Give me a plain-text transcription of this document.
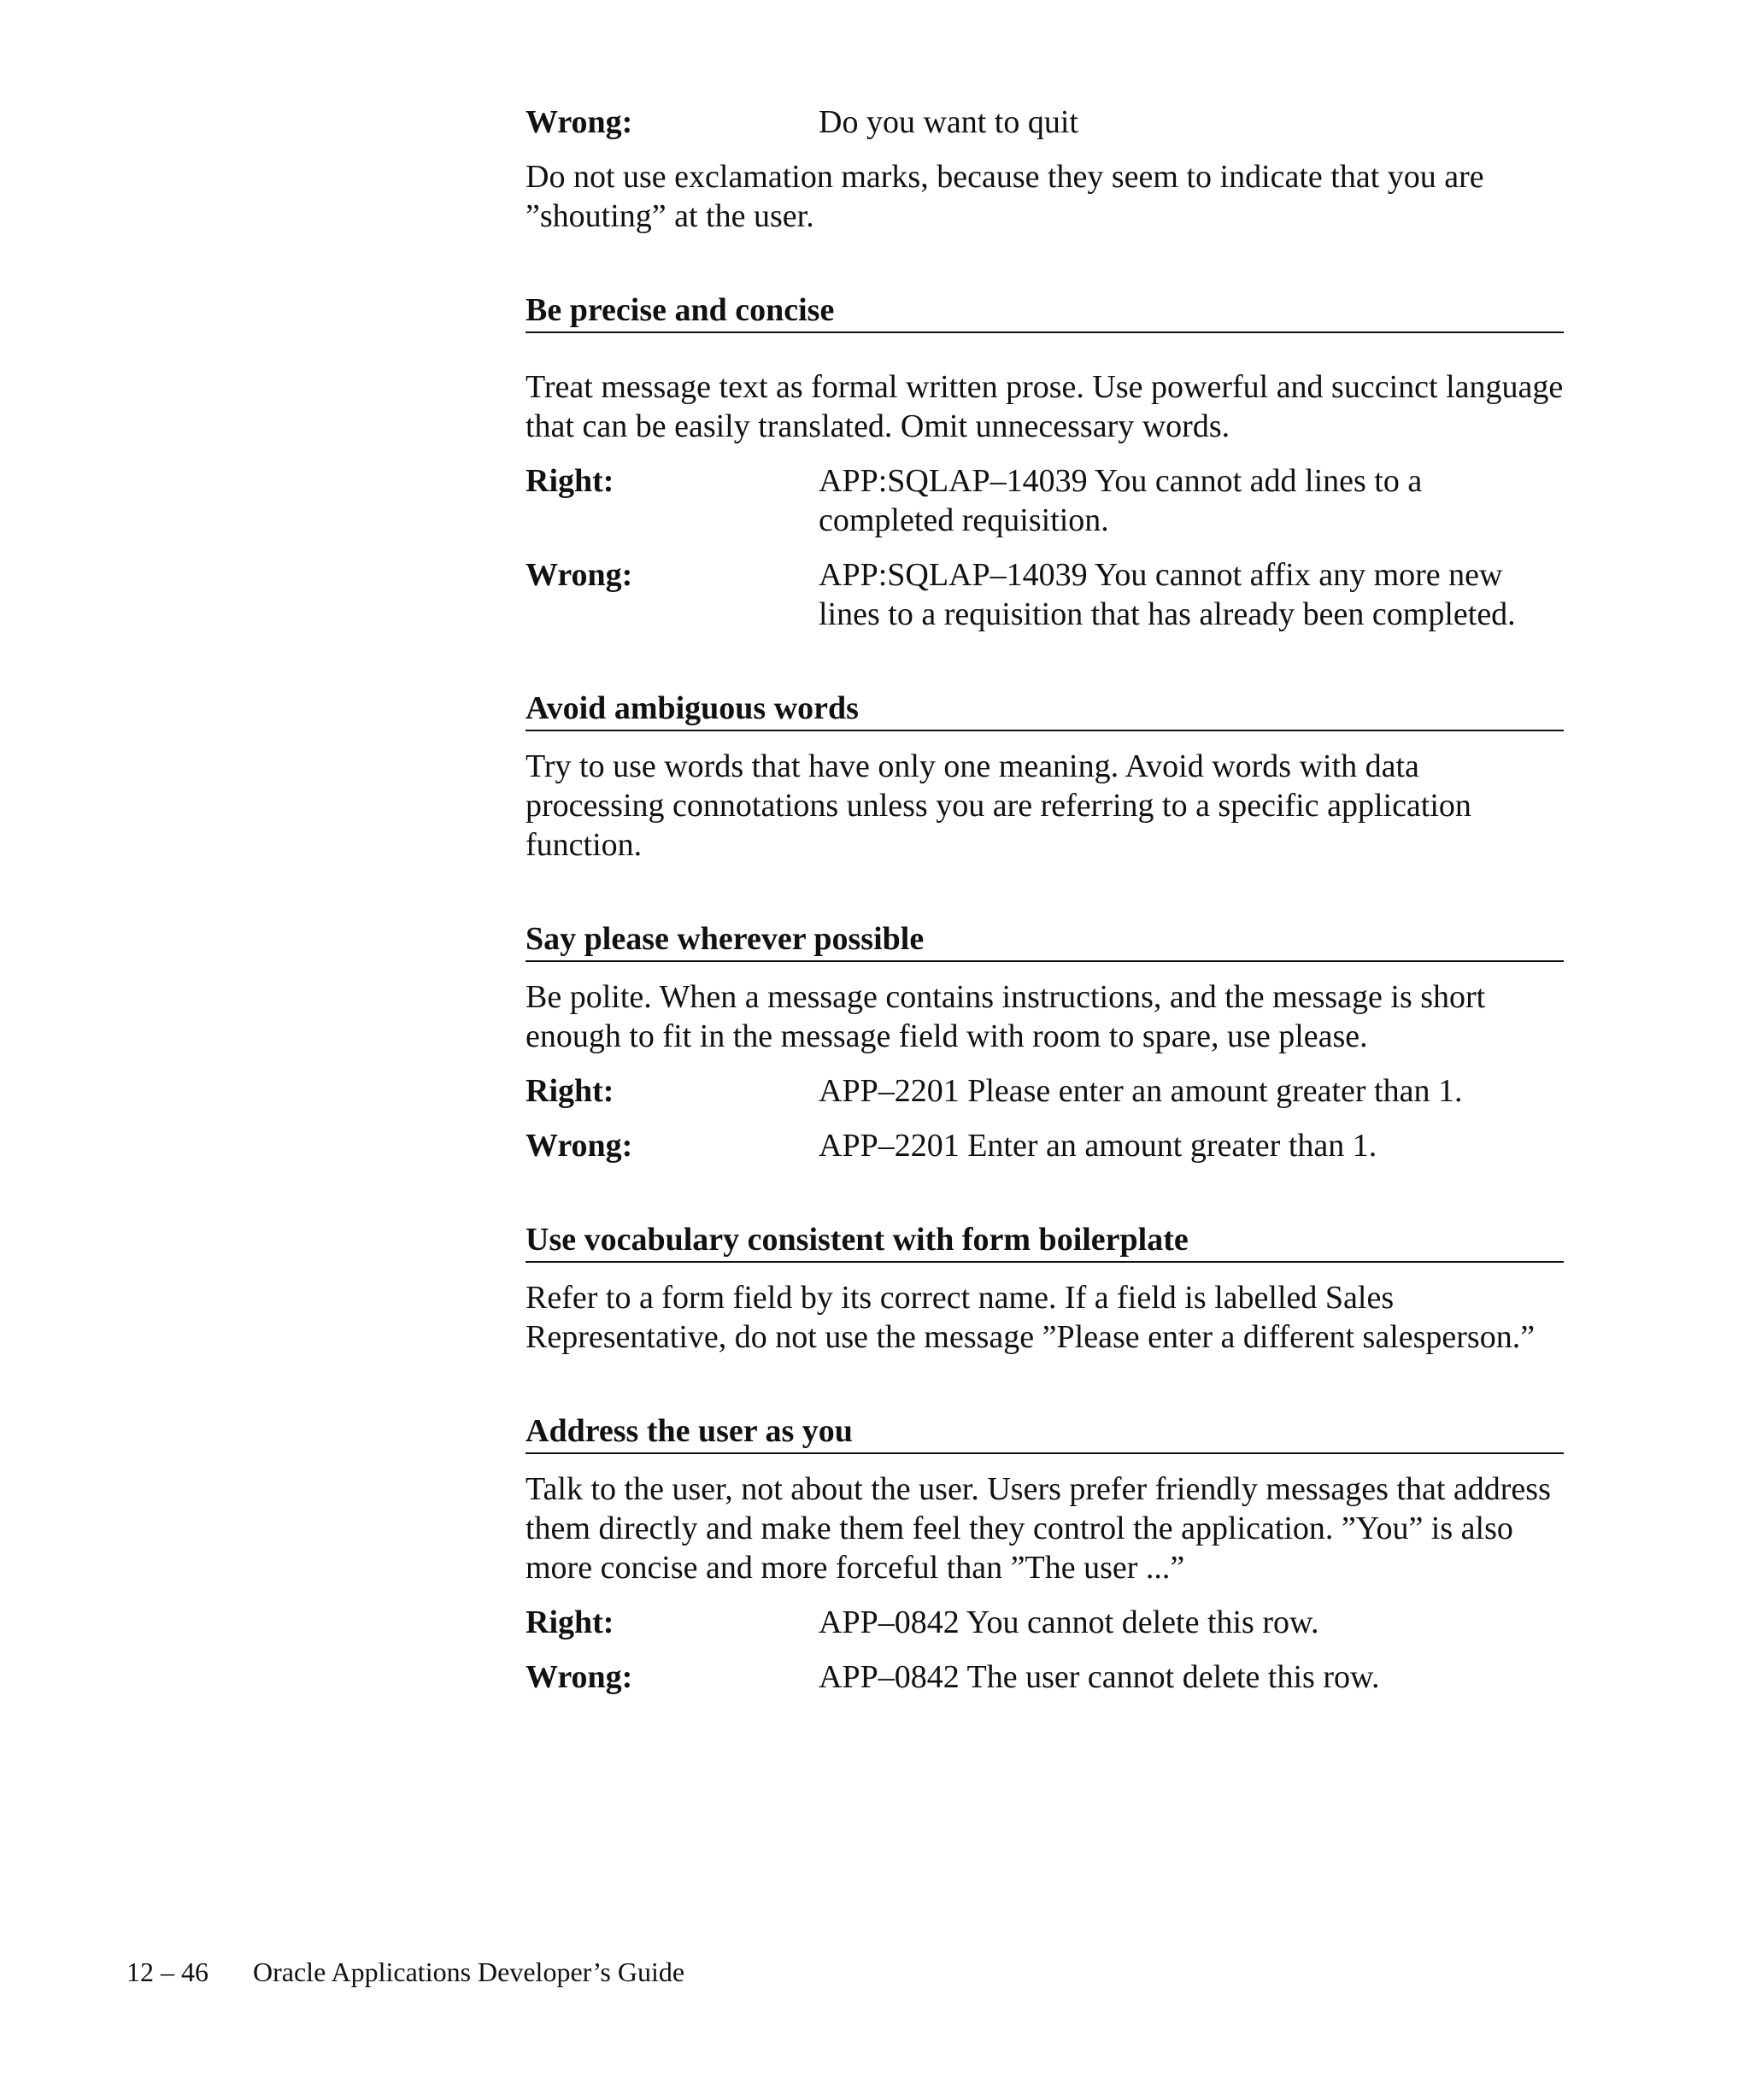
Wrong:	Do you want to quit

Do not use exclamation marks, because they seem to indicate that you are ”shouting” at the user.

Be precise and concise

Treat message text as formal written prose. Use powerful and succinct language that can be easily translated. Omit unnecessary words.

Right:	APP:SQLAP–14039 You cannot add lines to a completed requisition.
Wrong:	APP:SQLAP–14039 You cannot affix any more new lines to a requisition that has already been completed.
Avoid ambiguous words

Try to use words that have only one meaning. Avoid words with data processing connotations unless you are referring to a specific application function.

Say please wherever possible

Be polite. When a message contains instructions, and the message is short enough to fit in the message field with room to spare, use please.

Right:	APP–2201 Please enter an amount greater than 1.
Wrong:	APP–2201 Enter an amount greater than 1.
Use vocabulary consistent with form boilerplate

Refer to a form field by its correct name. If a field is labelled Sales Representative, do not use the message ”Please enter a different salesperson.”

Address the user as you

Talk to the user, not about the user. Users prefer friendly messages that address them directly and make them feel they control the application. ”You” is also more concise and more forceful than ”The user ...”

Right:	APP–0842 You cannot delete this row.
Wrong:	APP–0842 The user cannot delete this row.
12 – 46 Oracle Applications Developer’s Guide
